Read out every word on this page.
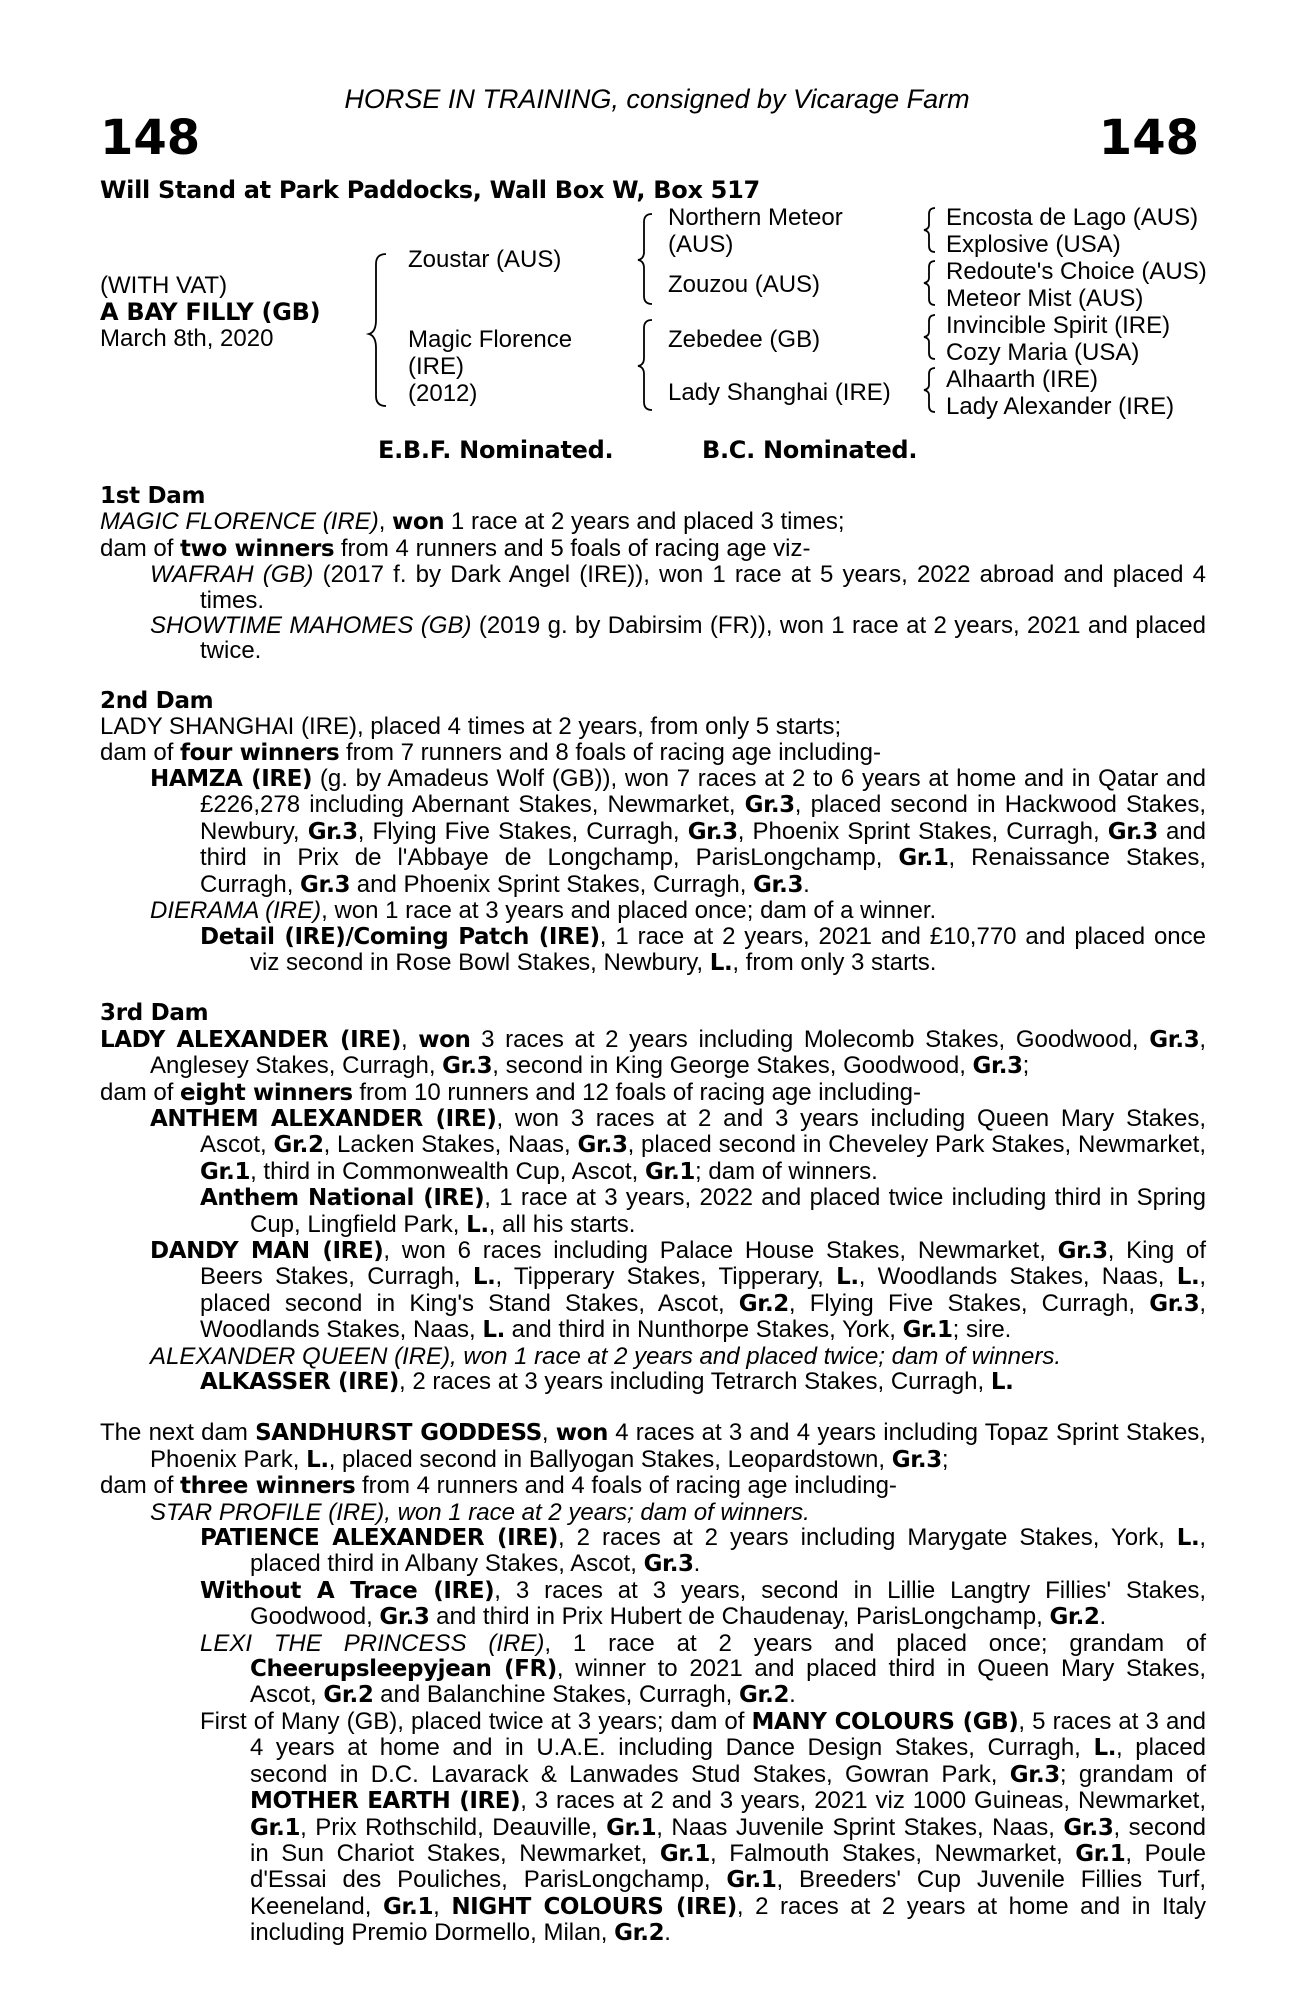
HORSE IN TRAINING, consigned by Vicarage Farm
148	148
Will Stand at Park Paddocks, Wall Box W, Box 517
(WITH VAT)
A BAY FILLY (GB)
March 8th, 2020
Zoustar (AUS)
Magic Florence
(IRE)
(2012)
Northern Meteor
(AUS)
Zouzou (AUS)
Zebedee (GB)
Lady Shanghai (IRE)
Encosta de Lago (AUS)
Explosive (USA)
Redoute's Choice (AUS)
Meteor Mist (AUS)
Invincible Spirit (IRE)
Cozy Maria (USA)
Alhaarth (IRE)
Lady Alexander (IRE)
E.B.F. Nominated.	B.C. Nominated.
1st Dam
MAGIC FLORENCE (IRE), won 1 race at 2 years and placed 3 times;
dam of two winners from 4 runners and 5 foals of racing age viz-
WAFRAH (GB) (2017 f. by Dark Angel (IRE)), won 1 race at 5 years, 2022 abroad and placed 4 times.
SHOWTIME MAHOMES (GB) (2019 g. by Dabirsim (FR)), won 1 race at 2 years, 2021 and placed twice.
2nd Dam
LADY SHANGHAI (IRE), placed 4 times at 2 years, from only 5 starts;
dam of four winners from 7 runners and 8 foals of racing age including-
HAMZA (IRE) (g. by Amadeus Wolf (GB)), won 7 races at 2 to 6 years at home and in Qatar and £226,278 including Abernant Stakes, Newmarket, Gr.3, placed second in Hackwood Stakes, Newbury, Gr.3, Flying Five Stakes, Curragh, Gr.3, Phoenix Sprint Stakes, Curragh, Gr.3 and third in Prix de l'Abbaye de Longchamp, ParisLongchamp, Gr.1, Renaissance Stakes, Curragh, Gr.3 and Phoenix Sprint Stakes, Curragh, Gr.3.
DIERAMA (IRE), won 1 race at 3 years and placed once; dam of a winner.
Detail (IRE)/Coming Patch (IRE), 1 race at 2 years, 2021 and £10,770 and placed once viz second in Rose Bowl Stakes, Newbury, L., from only 3 starts.
3rd Dam
LADY ALEXANDER (IRE), won 3 races at 2 years including Molecomb Stakes, Goodwood, Gr.3, Anglesey Stakes, Curragh, Gr.3, second in King George Stakes, Goodwood, Gr.3;
dam of eight winners from 10 runners and 12 foals of racing age including-
ANTHEM ALEXANDER (IRE), won 3 races at 2 and 3 years including Queen Mary Stakes, Ascot, Gr.2, Lacken Stakes, Naas, Gr.3, placed second in Cheveley Park Stakes, Newmarket, Gr.1, third in Commonwealth Cup, Ascot, Gr.1; dam of winners.
Anthem National (IRE), 1 race at 3 years, 2022 and placed twice including third in Spring Cup, Lingfield Park, L., all his starts.
DANDY MAN (IRE), won 6 races including Palace House Stakes, Newmarket, Gr.3, King of Beers Stakes, Curragh, L., Tipperary Stakes, Tipperary, L., Woodlands Stakes, Naas, L., placed second in King's Stand Stakes, Ascot, Gr.2, Flying Five Stakes, Curragh, Gr.3, Woodlands Stakes, Naas, L. and third in Nunthorpe Stakes, York, Gr.1; sire.
ALEXANDER QUEEN (IRE), won 1 race at 2 years and placed twice; dam of winners.
ALKASSER (IRE), 2 races at 3 years including Tetrarch Stakes, Curragh, L.
The next dam SANDHURST GODDESS, won 4 races at 3 and 4 years including Topaz Sprint Stakes, Phoenix Park, L., placed second in Ballyogan Stakes, Leopardstown, Gr.3;
dam of three winners from 4 runners and 4 foals of racing age including-
STAR PROFILE (IRE), won 1 race at 2 years; dam of winners.
PATIENCE ALEXANDER (IRE), 2 races at 2 years including Marygate Stakes, York, L., placed third in Albany Stakes, Ascot, Gr.3.
Without A Trace (IRE), 3 races at 3 years, second in Lillie Langtry Fillies' Stakes, Goodwood, Gr.3 and third in Prix Hubert de Chaudenay, ParisLongchamp, Gr.2.
LEXI THE PRINCESS (IRE), 1 race at 2 years and placed once; grandam of Cheerupsleepyjean (FR), winner to 2021 and placed third in Queen Mary Stakes, Ascot, Gr.2 and Balanchine Stakes, Curragh, Gr.2.
First of Many (GB), placed twice at 3 years; dam of MANY COLOURS (GB), 5 races at 3 and 4 years at home and in U.A.E. including Dance Design Stakes, Curragh, L., placed second in D.C. Lavarack & Lanwades Stud Stakes, Gowran Park, Gr.3; grandam of MOTHER EARTH (IRE), 3 races at 2 and 3 years, 2021 viz 1000 Guineas, Newmarket, Gr.1, Prix Rothschild, Deauville, Gr.1, Naas Juvenile Sprint Stakes, Naas, Gr.3, second in Sun Chariot Stakes, Newmarket, Gr.1, Falmouth Stakes, Newmarket, Gr.1, Poule d'Essai des Pouliches, ParisLongchamp, Gr.1, Breeders' Cup Juvenile Fillies Turf, Keeneland, Gr.1, NIGHT COLOURS (IRE), 2 races at 2 years at home and in Italy including Premio Dormello, Milan, Gr.2.
